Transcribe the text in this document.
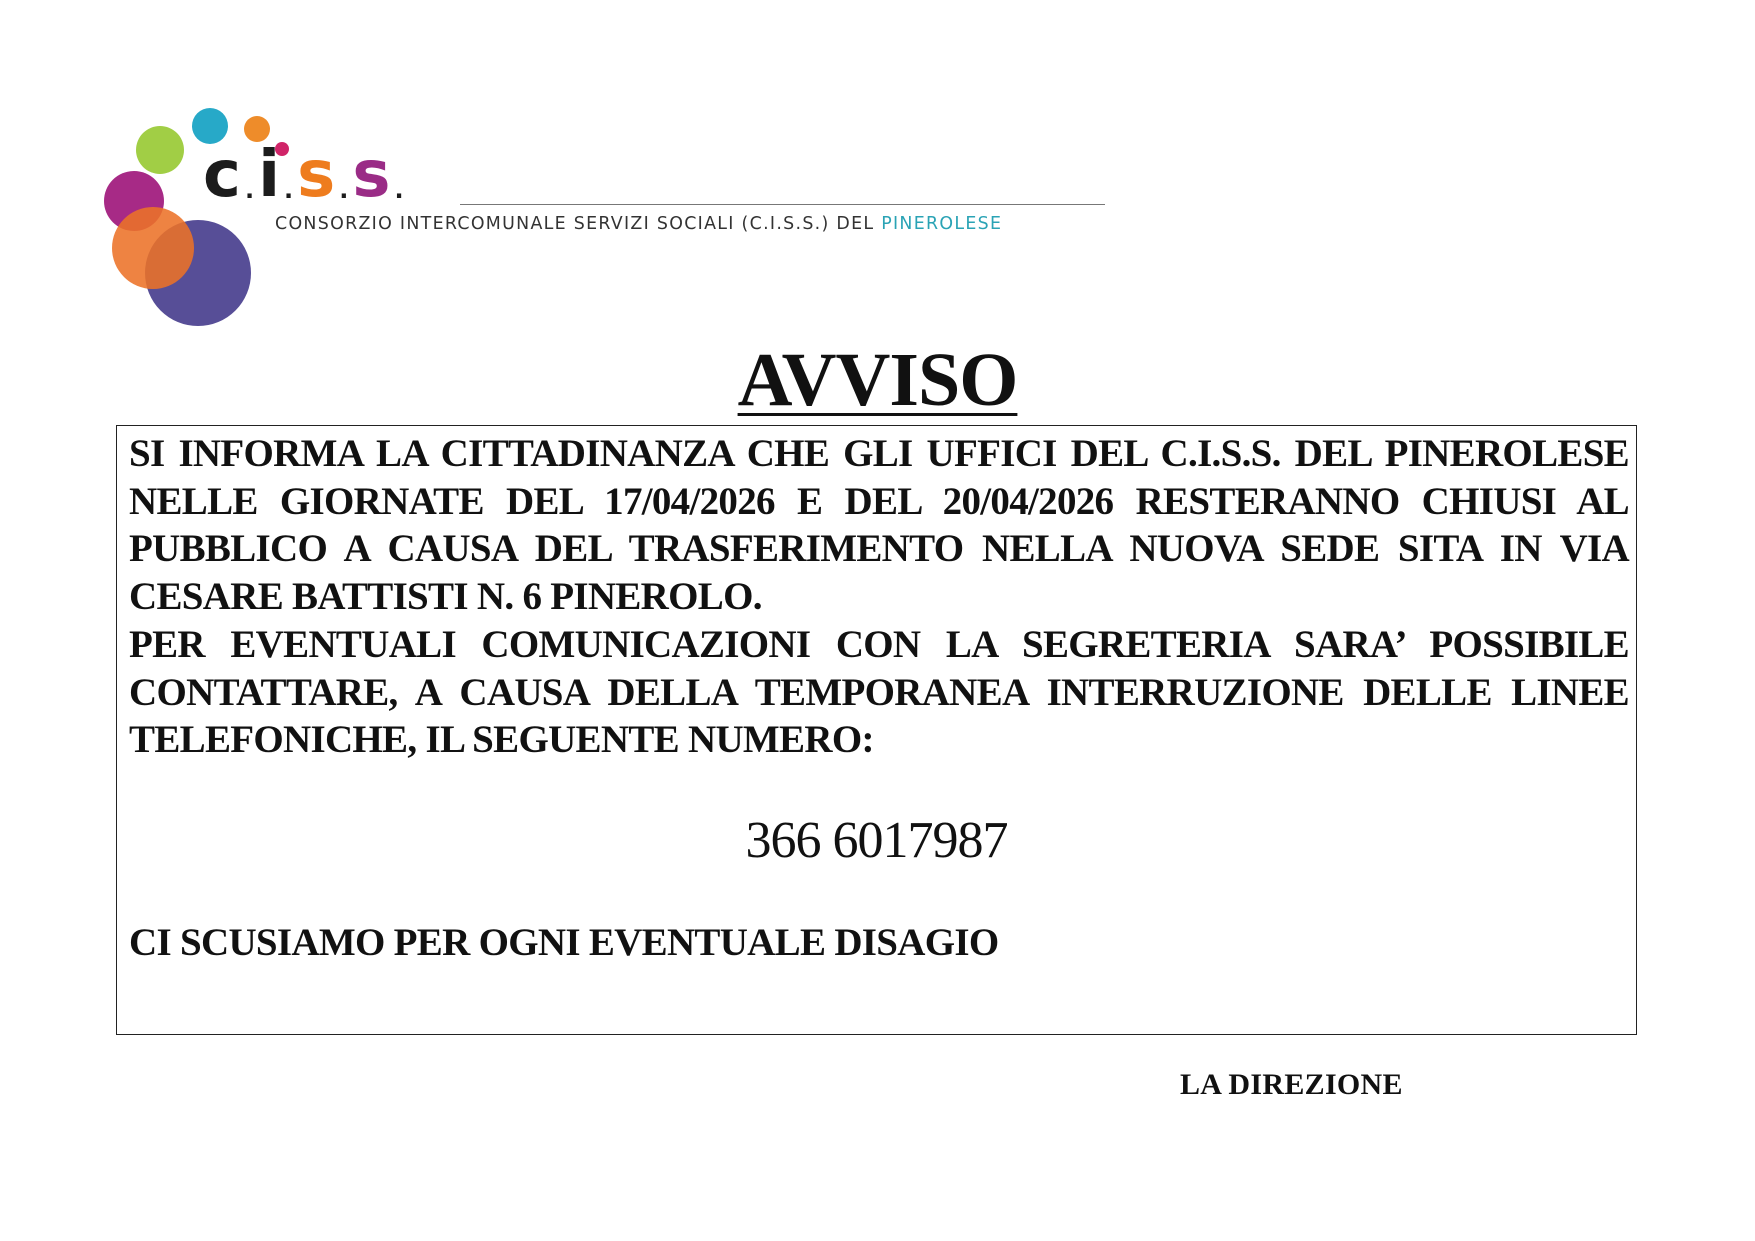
c.i.s.s.
CONSORZIO INTERCOMUNALE SERVIZI SOCIALI (C.I.S.S.) DEL PINEROLESE
AVVISO
SI INFORMA LA CITTADINANZA CHE GLI UFFICI DEL C.I.S.S. DEL PINEROLESE NELLE GIORNATE DEL 17/04/2026 E DEL 20/04/2026 RESTERANNO CHIUSI AL PUBBLICO A CAUSA DEL TRASFERIMENTO NELLA NUOVA SEDE SITA IN VIA CESARE BATTISTI N. 6 PINEROLO.
PER EVENTUALI COMUNICAZIONI CON LA SEGRETERIA SARA’ POSSIBILE CONTATTARE, A CAUSA DELLA TEMPORANEA INTERRUZIONE DELLE LINEE TELEFONICHE, IL SEGUENTE NUMERO:
366 6017987
CI SCUSIAMO PER OGNI EVENTUALE DISAGIO
LA DIREZIONE
